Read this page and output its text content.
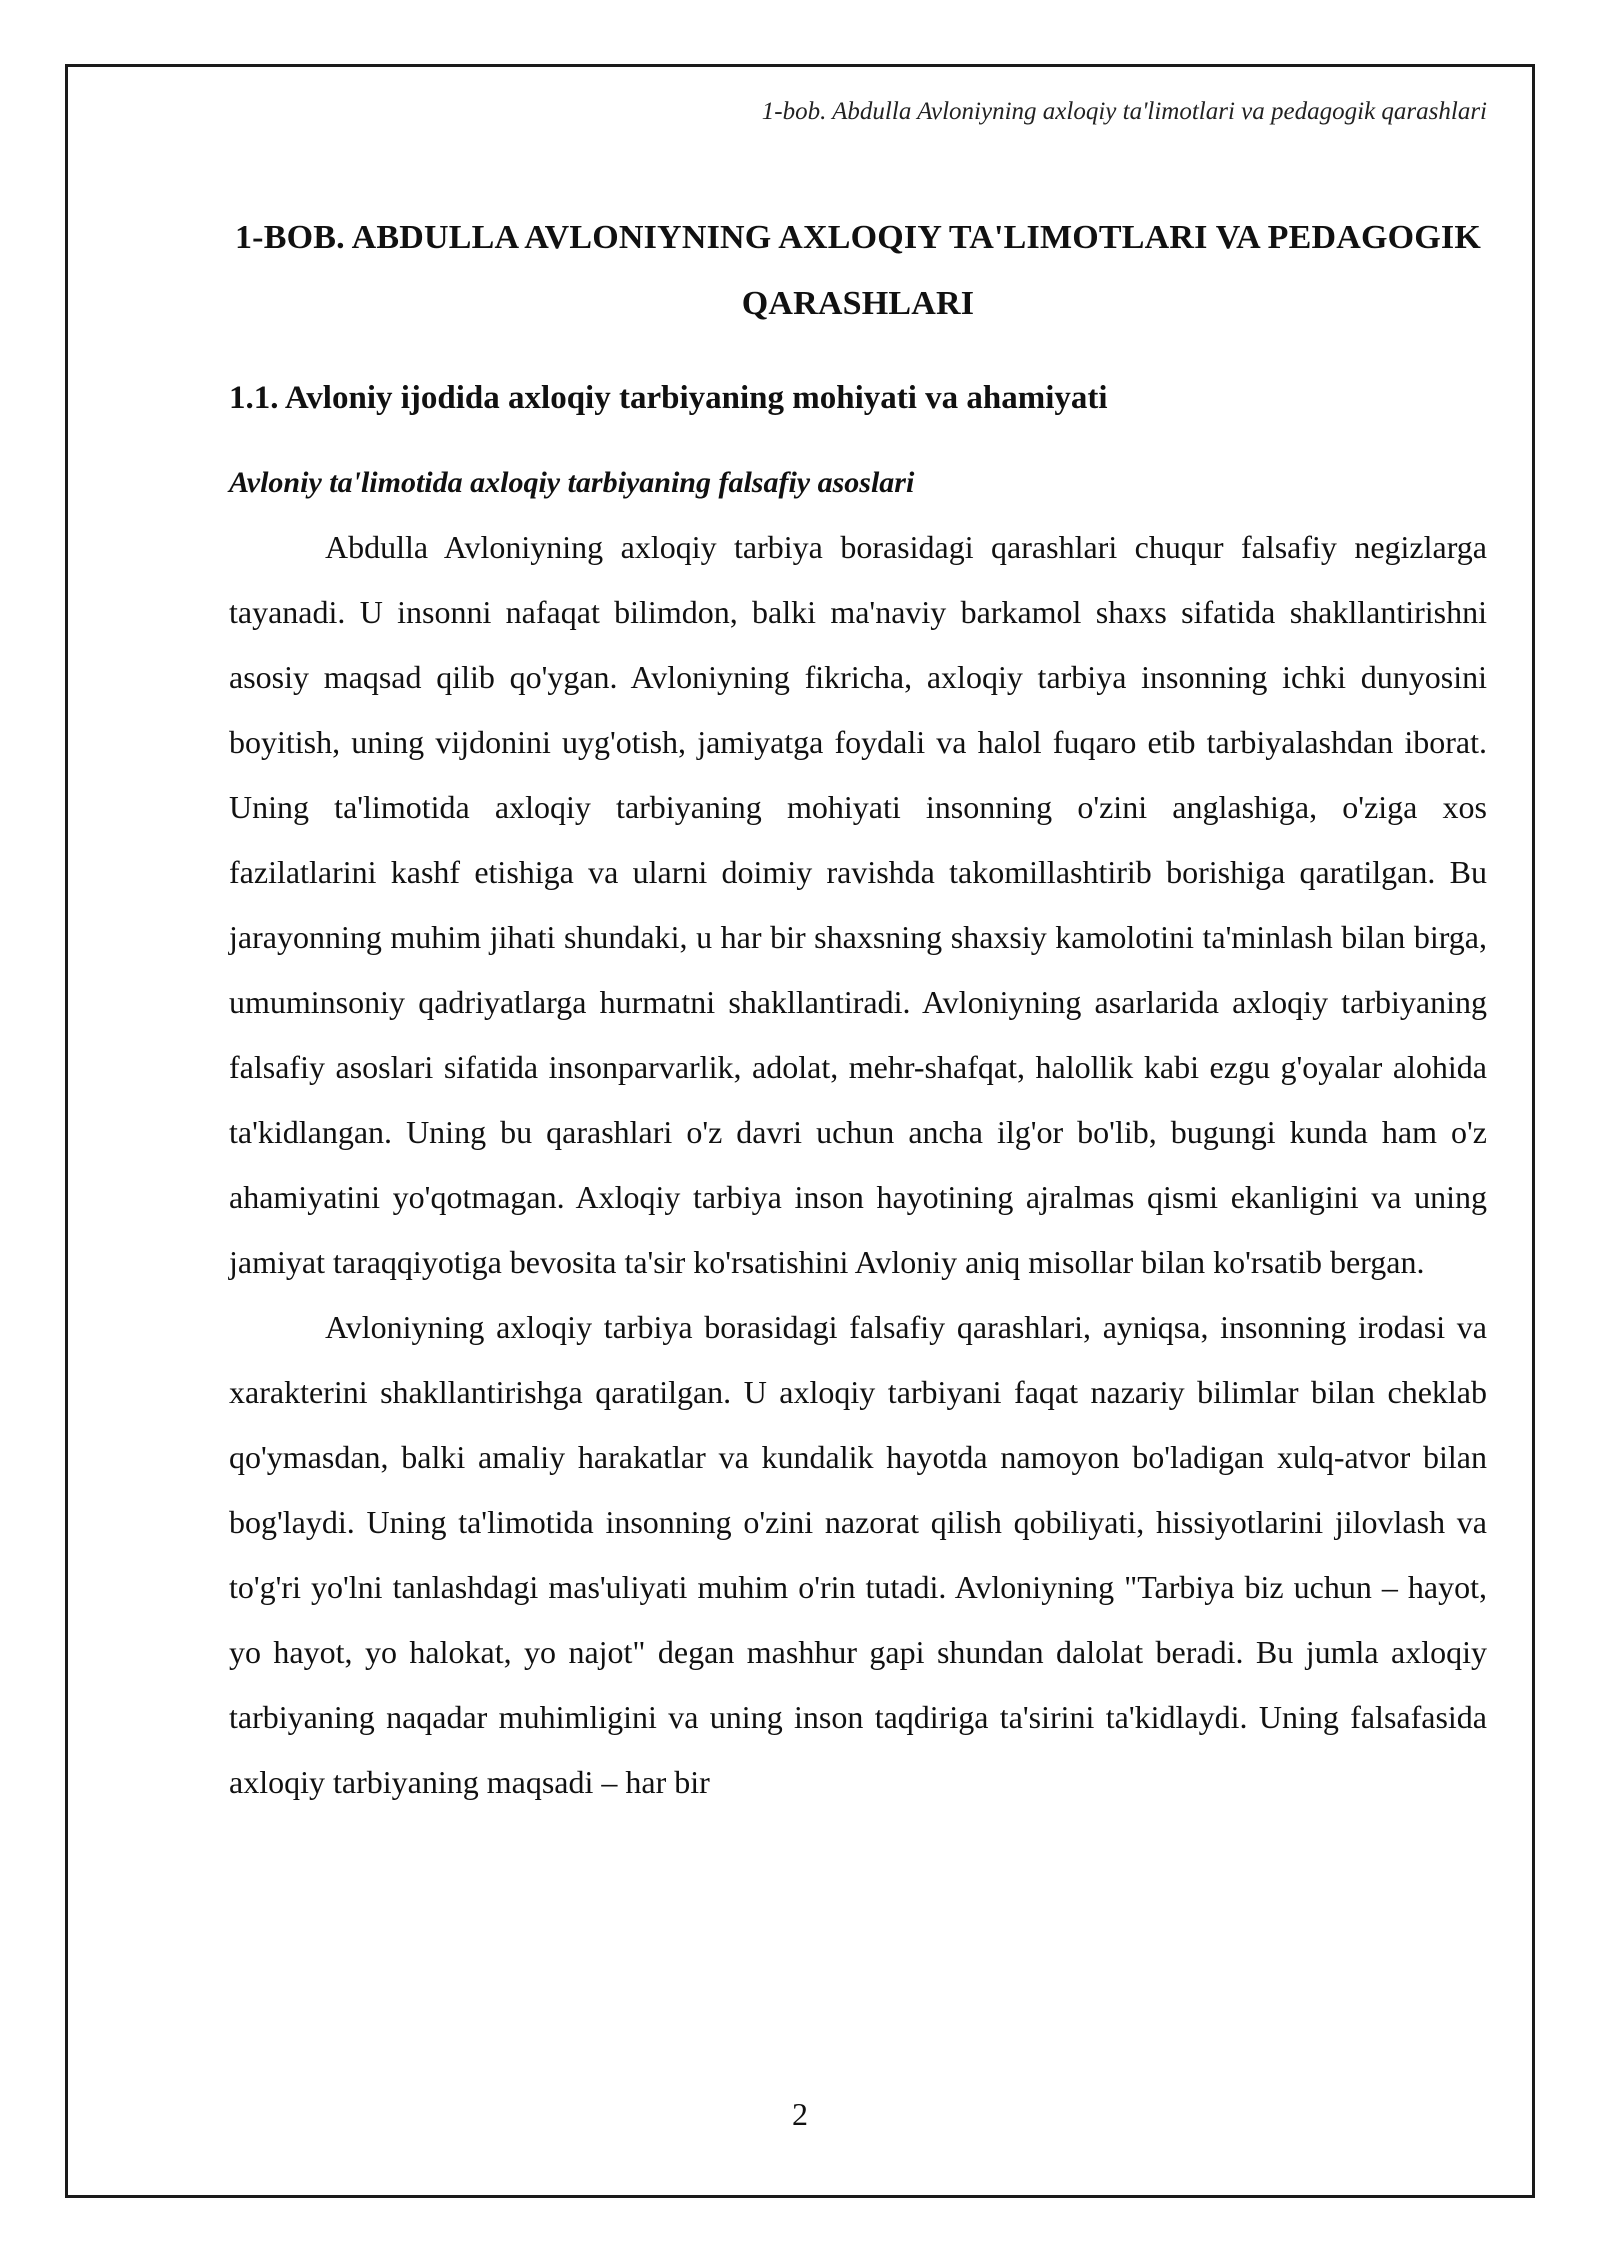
1-bob. Abdulla Avloniyning axloqiy ta'limotlari va pedagogik qarashlari
1-BOB. ABDULLA AVLONIYNING AXLOQIY TA'LIMOTLARI VA PEDAGOGIK QARASHLARI
1.1. Avloniy ijodida axloqiy tarbiyaning mohiyati va ahamiyati
Avloniy ta'limotida axloqiy tarbiyaning falsafiy asoslari

Abdulla Avloniyning axloqiy tarbiya borasidagi qarashlari chuqur falsafiy negizlarga tayanadi. U insonni nafaqat bilimdon, balki ma'naviy barkamol shaxs sifatida shakllantirishni asosiy maqsad qilib qo'ygan. Avloniyning fikricha, axloqiy tarbiya insonning ichki dunyosini boyitish, uning vijdonini uyg'otish, jamiyatga foydali va halol fuqaro etib tarbiyalashdan iborat. Uning ta'limotida axloqiy tarbiyaning mohiyati insonning o'zini anglashiga, o'ziga xos fazilatlarini kashf etishiga va ularni doimiy ravishda takomillashtirib borishiga qaratilgan. Bu jarayonning muhim jihati shundaki, u har bir shaxsning shaxsiy kamolotini ta'minlash bilan birga, umuminsoniy qadriyatlarga hurmatni shakllantiradi. Avloniyning asarlarida axloqiy tarbiyaning falsafiy asoslari sifatida insonparvarlik, adolat, mehr-shafqat, halollik kabi ezgu g'oyalar alohida ta'kidlangan. Uning bu qarashlari o'z davri uchun ancha ilg'or bo'lib, bugungi kunda ham o'z ahamiyatini yo'qotmagan. Axloqiy tarbiya inson hayotining ajralmas qismi ekanligini va uning jamiyat taraqqiyotiga bevosita ta'sir ko'rsatishini Avloniy aniq misollar bilan ko'rsatib bergan.

Avloniyning axloqiy tarbiya borasidagi falsafiy qarashlari, ayniqsa, insonning irodasi va xarakterini shakllantirishga qaratilgan. U axloqiy tarbiyani faqat nazariy bilimlar bilan cheklab qo'ymasdan, balki amaliy harakatlar va kundalik hayotda namoyon bo'ladigan xulq-atvor bilan bog'laydi. Uning ta'limotida insonning o'zini nazorat qilish qobiliyati, hissiyotlarini jilovlash va to'g'ri yo'lni tanlashdagi mas'uliyati muhim o'rin tutadi. Avloniyning "Tarbiya biz uchun – hayot, yo hayot, yo halokat, yo najot" degan mashhur gapi shundan dalolat beradi. Bu jumla axloqiy tarbiyaning naqadar muhimligini va uning inson taqdiriga ta'sirini ta'kidlaydi. Uning falsafasida axloqiy tarbiyaning maqsadi – har bir

2
